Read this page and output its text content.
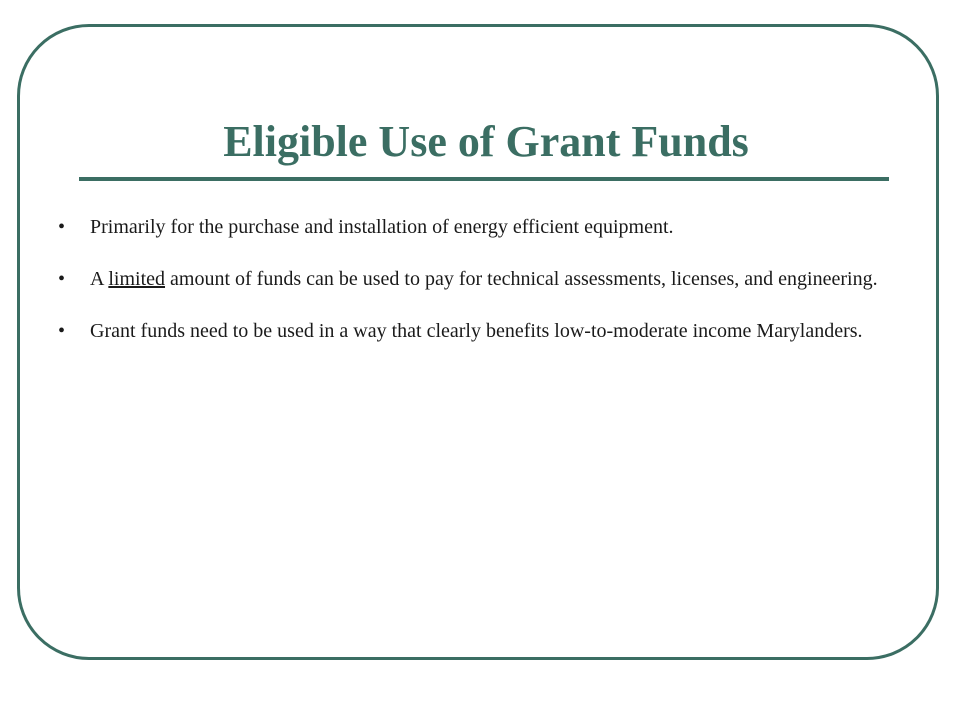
Eligible Use of Grant Funds
•	Primarily for the purchase and installation of energy efficient equipment.
•	A limited amount of funds can be used to pay for technical assessments, licenses, and engineering.
•	Grant funds need to be used in a way that clearly benefits low-to-moderate income Marylanders.
